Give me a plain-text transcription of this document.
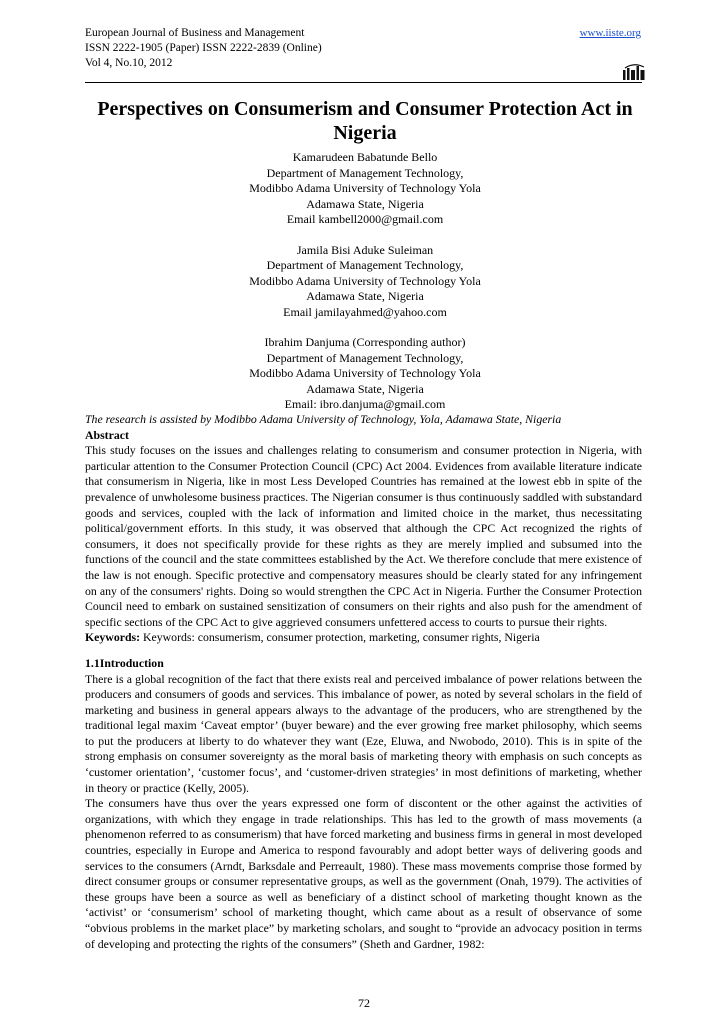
European Journal of Business and Management
ISSN 2222-1905 (Paper) ISSN 2222-2839 (Online)
Vol 4, No.10, 2012
www.iiste.org
Perspectives on Consumerism and Consumer Protection Act in Nigeria
Kamarudeen Babatunde Bello
Department of Management Technology,
Modibbo Adama University of Technology Yola
Adamawa State, Nigeria
Email kambell2000@gmail.com
Jamila Bisi Aduke Suleiman
Department of Management Technology,
Modibbo Adama University of Technology Yola
Adamawa State, Nigeria
Email jamilayahmed@yahoo.com
Ibrahim Danjuma (Corresponding author)
Department of Management Technology,
Modibbo Adama University of Technology Yola
Adamawa State, Nigeria
Email: ibro.danjuma@gmail.com

The research is assisted by Modibbo Adama University of Technology, Yola, Adamawa State, Nigeria

Abstract

This study focuses on the issues and challenges relating to consumerism and consumer protection in Nigeria, with particular attention to the Consumer Protection Council (CPC) Act 2004. Evidences from available literature indicate that consumerism in Nigeria, like in most Less Developed Countries has remained at the lowest ebb in spite of the prevalence of unwholesome business practices. The Nigerian consumer is thus continuously saddled with substandard goods and services, coupled with the lack of information and limited choice in the market, thus necessitating political/government efforts. In this study, it was observed that although the CPC Act recognized the rights of consumers, it does not specifically provide for these rights as they are merely implied and subsumed into the functions of the council and the state committees established by the Act. We therefore conclude that mere existence of the law is not enough. Specific protective and compensatory measures should be clearly stated for any infringement on any of the consumers' rights. Doing so would strengthen the CPC Act in Nigeria. Further the Consumer Protection Council need to embark on sustained sensitization of consumers on their rights and also push for the amendment of specific sections of the CPC Act to give aggrieved consumers unfettered access to courts to pursue their rights.

Keywords: Keywords: consumerism, consumer protection, marketing, consumer rights, Nigeria

1.1Introduction

There is a global recognition of the fact that there exists real and perceived imbalance of power relations between the producers and consumers of goods and services. This imbalance of power, as noted by several scholars in the field of marketing and business in general appears always to the advantage of the producers, who are strengthened by the traditional legal maxim ‘Caveat emptor’ (buyer beware) and the ever growing free market philosophy, which seems to put the producers at liberty to do whatever they want (Eze, Eluwa, and Nwobodo, 2010). This is in spite of the strong emphasis on consumer sovereignty as the moral basis of marketing theory with emphasis on such concepts as ‘customer orientation’, ‘customer focus’, and ‘customer-driven strategies’ in most definitions of marketing, whether in theory or practice (Kelly, 2005).

The consumers have thus over the years expressed one form of discontent or the other against the activities of organizations, with which they engage in trade relationships. This has led to the growth of mass movements (a phenomenon referred to as consumerism) that have forced marketing and business firms in general in most developed countries, especially in Europe and America to respond favourably and adopt better ways of delivering goods and services to the consumers (Arndt, Barksdale and Perreault, 1980). These mass movements comprise those formed by direct consumer groups or consumer representative groups, as well as the government (Onah, 1979). The activities of these groups have been a source as well as beneficiary of a distinct school of marketing thought known as the ‘activist’ or ‘consumerism’ school of marketing thought, which came about as a result of observance of some “obvious problems in the market place” by marketing scholars, and sought to “provide an advocacy position in terms of developing and protecting the rights of the consumers” (Sheth and Gardner, 1982:

72
